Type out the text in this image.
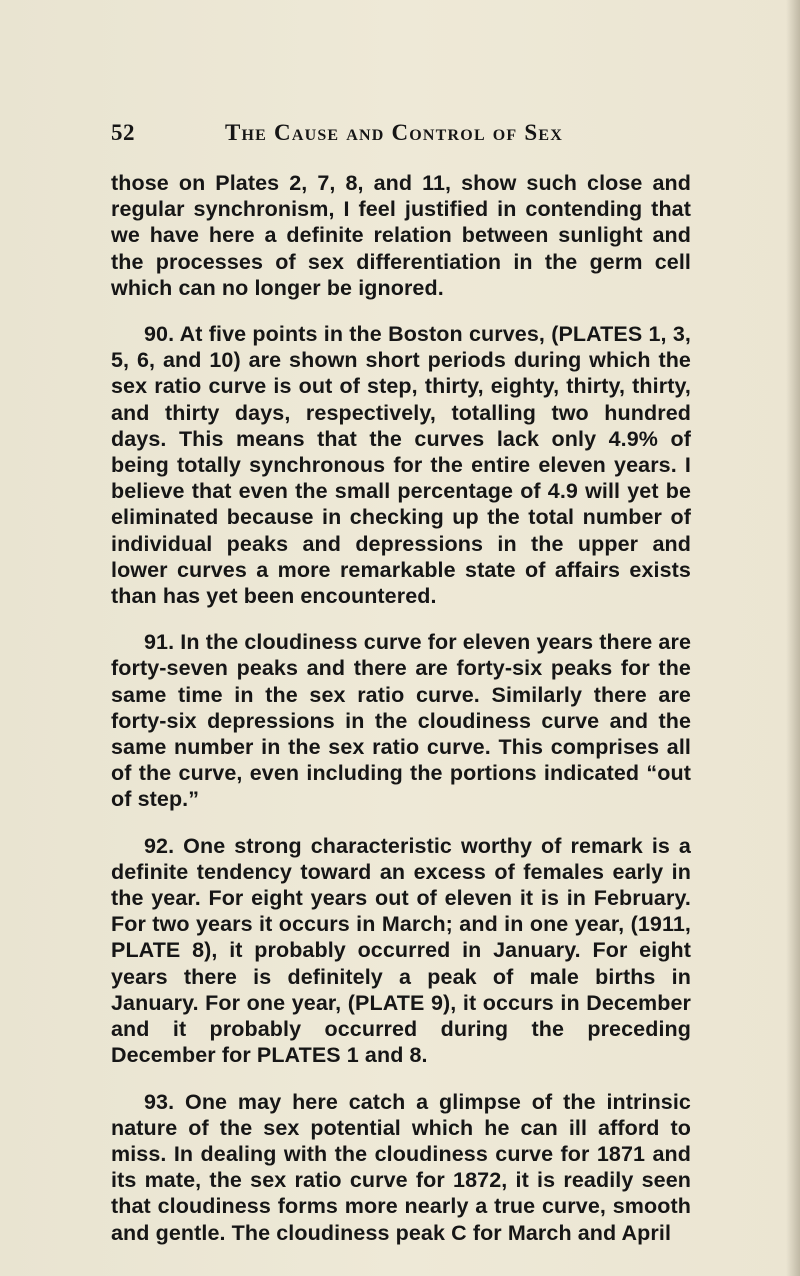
52	The Cause and Control of Sex

those on Plates 2, 7, 8, and 11, show such close and regular synchronism, I feel justified in contending that we have here a definite relation between sunlight and the processes of sex differentiation in the germ cell which can no longer be ignored.

90. At five points in the Boston curves, (PLATES 1, 3, 5, 6, and 10) are shown short periods during which the sex ratio curve is out of step, thirty, eighty, thirty, thirty, and thirty days, respectively, totalling two hundred days. This means that the curves lack only 4.9% of being totally synchronous for the entire eleven years. I believe that even the small percentage of 4.9 will yet be eliminated because in checking up the total number of individual peaks and depressions in the upper and lower curves a more remarkable state of affairs exists than has yet been encountered.

91. In the cloudiness curve for eleven years there are forty-seven peaks and there are forty-six peaks for the same time in the sex ratio curve. Similarly there are forty-six depressions in the cloudiness curve and the same number in the sex ratio curve. This comprises all of the curve, even including the portions indicated “out of step.”

92. One strong characteristic worthy of remark is a definite tendency toward an excess of females early in the year. For eight years out of eleven it is in February. For two years it occurs in March; and in one year, (1911, PLATE 8), it probably occurred in January. For eight years there is definitely a peak of male births in January. For one year, (PLATE 9), it occurs in December and it probably occurred during the preceding December for PLATES 1 and 8.

93. One may here catch a glimpse of the intrinsic nature of the sex potential which he can ill afford to miss. In dealing with the cloudiness curve for 1871 and its mate, the sex ratio curve for 1872, it is readily seen that cloudiness forms more nearly a true curve, smooth and gentle. The cloudiness peak C for March and April
